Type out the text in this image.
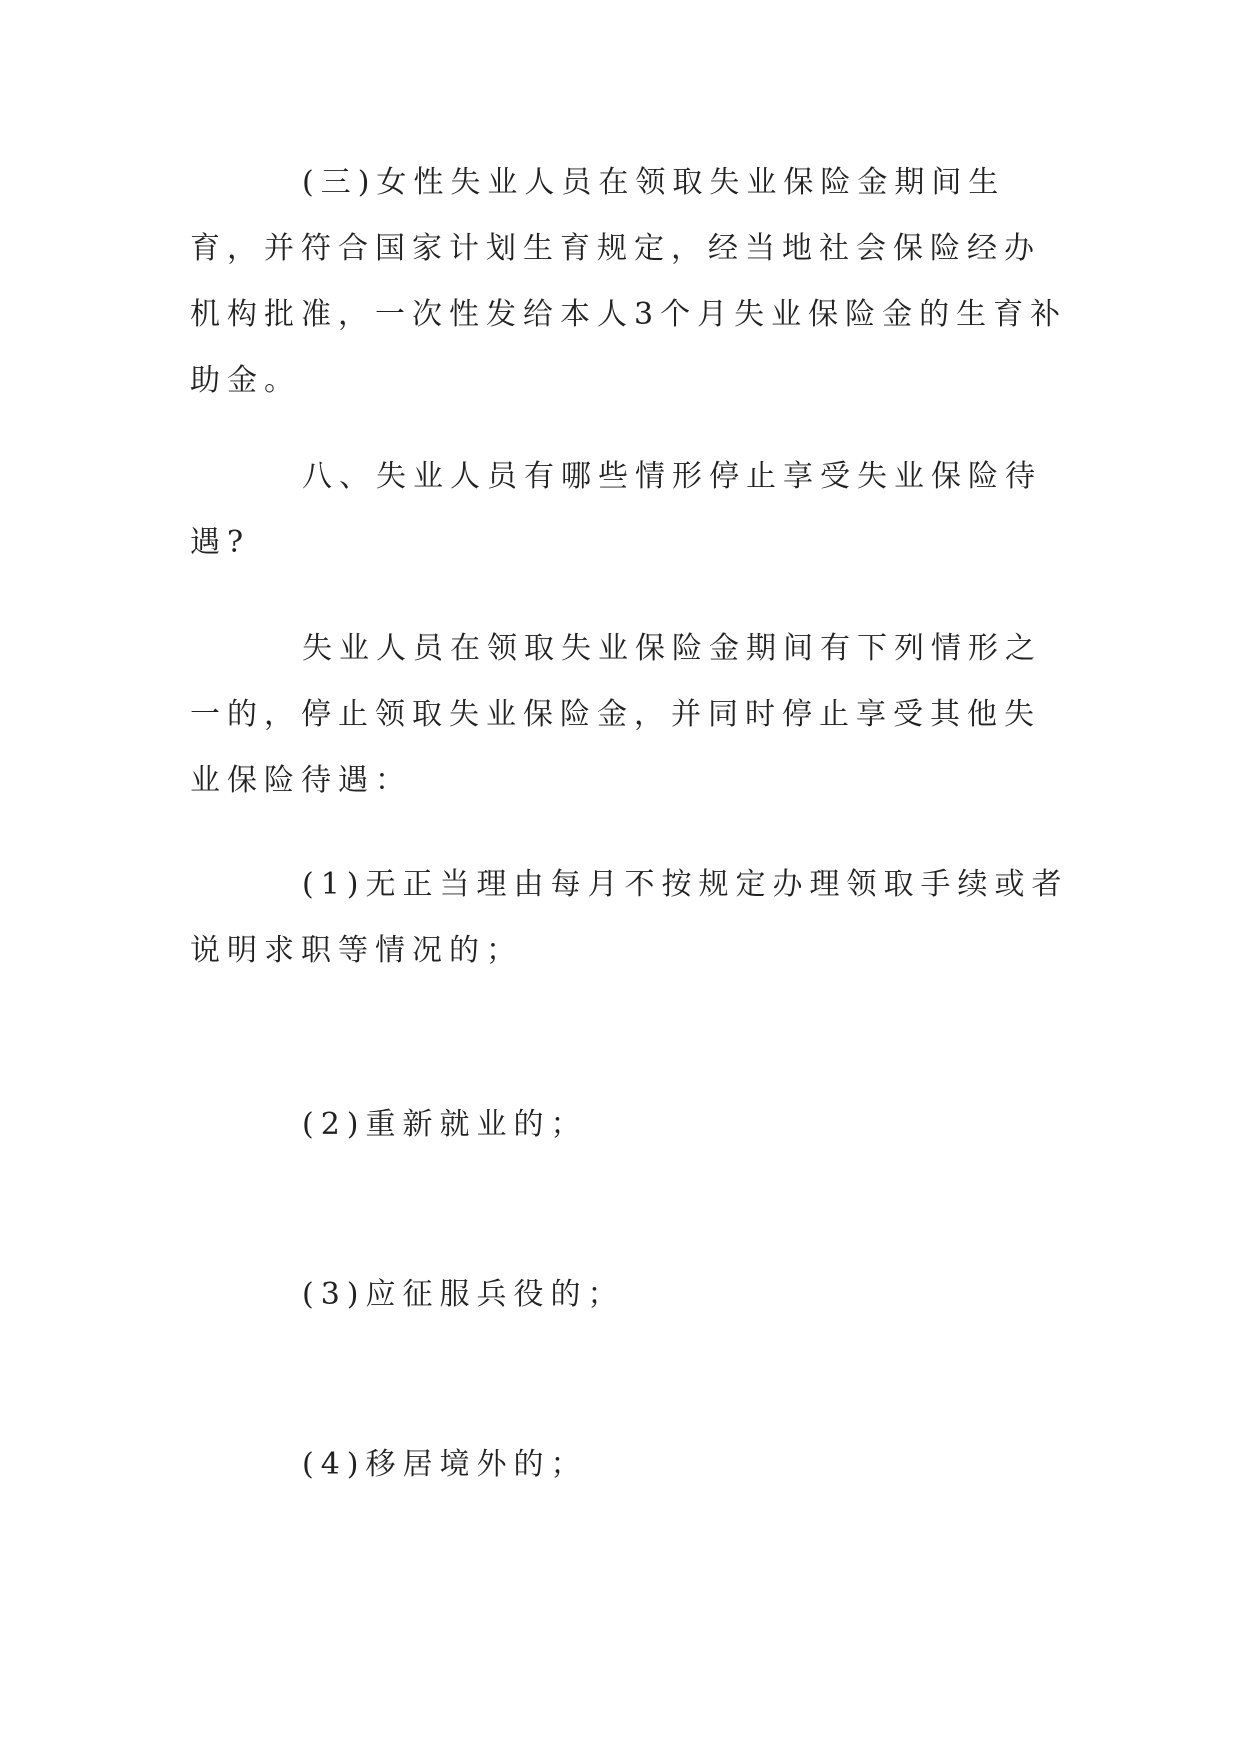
(三)女性失业人员在领取失业保险金期间生育，并符合国家计划生育规定，经当地社会保险经办机构批准，一次性发给本人3个月失业保险金的生育补助金。

八、失业人员有哪些情形停止享受失业保险待遇?

失业人员在领取失业保险金期间有下列情形之一的，停止领取失业保险金，并同时停止享受其他失业保险待遇：

(1)无正当理由每月不按规定办理领取手续或者说明求职等情况的；

(2)重新就业的；

(3)应征服兵役的；

(4)移居境外的；
